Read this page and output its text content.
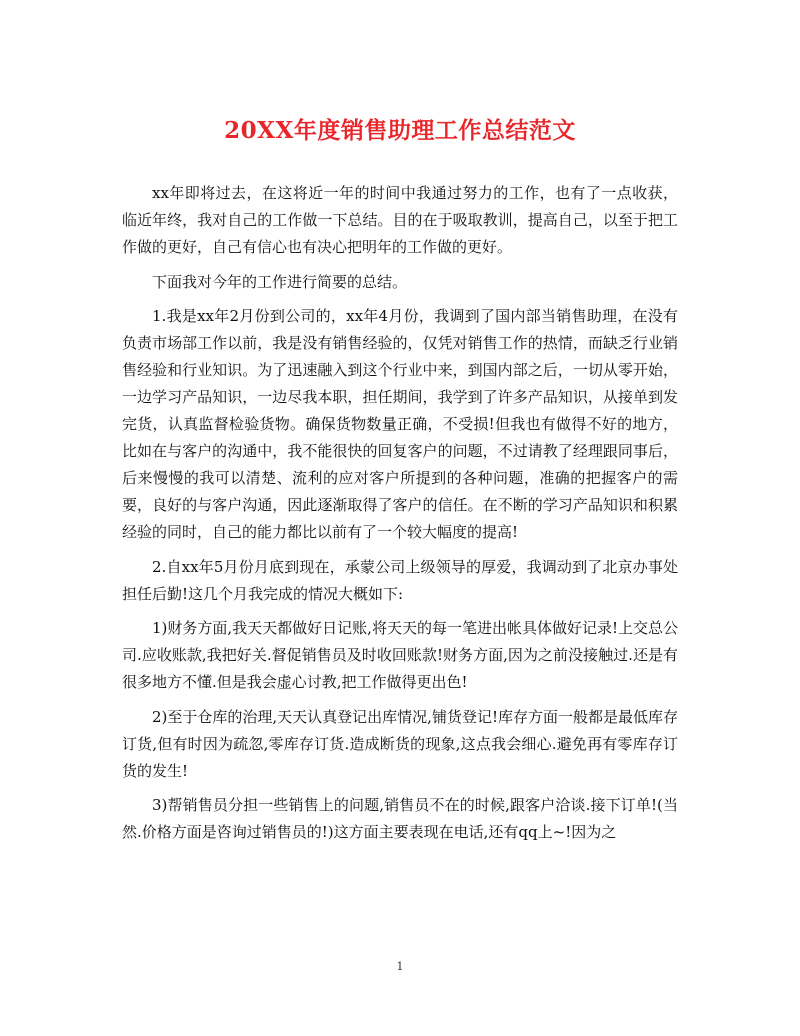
20XX年度销售助理工作总结范文

xx年即将过去，在这将近一年的时间中我通过努力的工作，也有了一点收获，临近年终，我对自己的工作做一下总结。目的在于吸取教训，提高自己，以至于把工作做的更好，自己有信心也有决心把明年的工作做的更好。

下面我对今年的工作进行简要的总结。

1.我是xx年2月份到公司的，xx年4月份，我调到了国内部当销售助理，在没有负责市场部工作以前，我是没有销售经验的，仅凭对销售工作的热情，而缺乏行业销售经验和行业知识。为了迅速融入到这个行业中来，到国内部之后，一切从零开始，一边学习产品知识，一边尽我本职，担任期间，我学到了许多产品知识，从接单到发完货，认真监督检验货物。确保货物数量正确，不受损!但我也有做得不好的地方，比如在与客户的沟通中，我不能很快的回复客户的问题，不过请教了经理跟同事后，后来慢慢的我可以清楚、流利的应对客户所提到的各种问题，准确的把握客户的需要，良好的与客户沟通，因此逐渐取得了客户的信任。在不断的学习产品知识和积累经验的同时，自己的能力都比以前有了一个较大幅度的提高!

2.自xx年5月份月底到现在，承蒙公司上级领导的厚爱，我调动到了北京办事处担任后勤!这几个月我完成的情况大概如下:

1)财务方面,我天天都做好日记账,将天天的每一笔进出帐具体做好记录!上交总公司.应收账款,我把好关.督促销售员及时收回账款!财务方面,因为之前没接触过.还是有很多地方不懂.但是我会虚心讨教,把工作做得更出色!

2)至于仓库的治理,天天认真登记出库情况,铺货登记!库存方面一般都是最低库存订货,但有时因为疏忽,零库存订货.造成断货的现象,这点我会细心.避免再有零库存订货的发生!

3)帮销售员分担一些销售上的问题,销售员不在的时候,跟客户洽谈.接下订单!(当然.价格方面是咨询过销售员的!)这方面主要表现在电话,还有qq上~!因为之

1
